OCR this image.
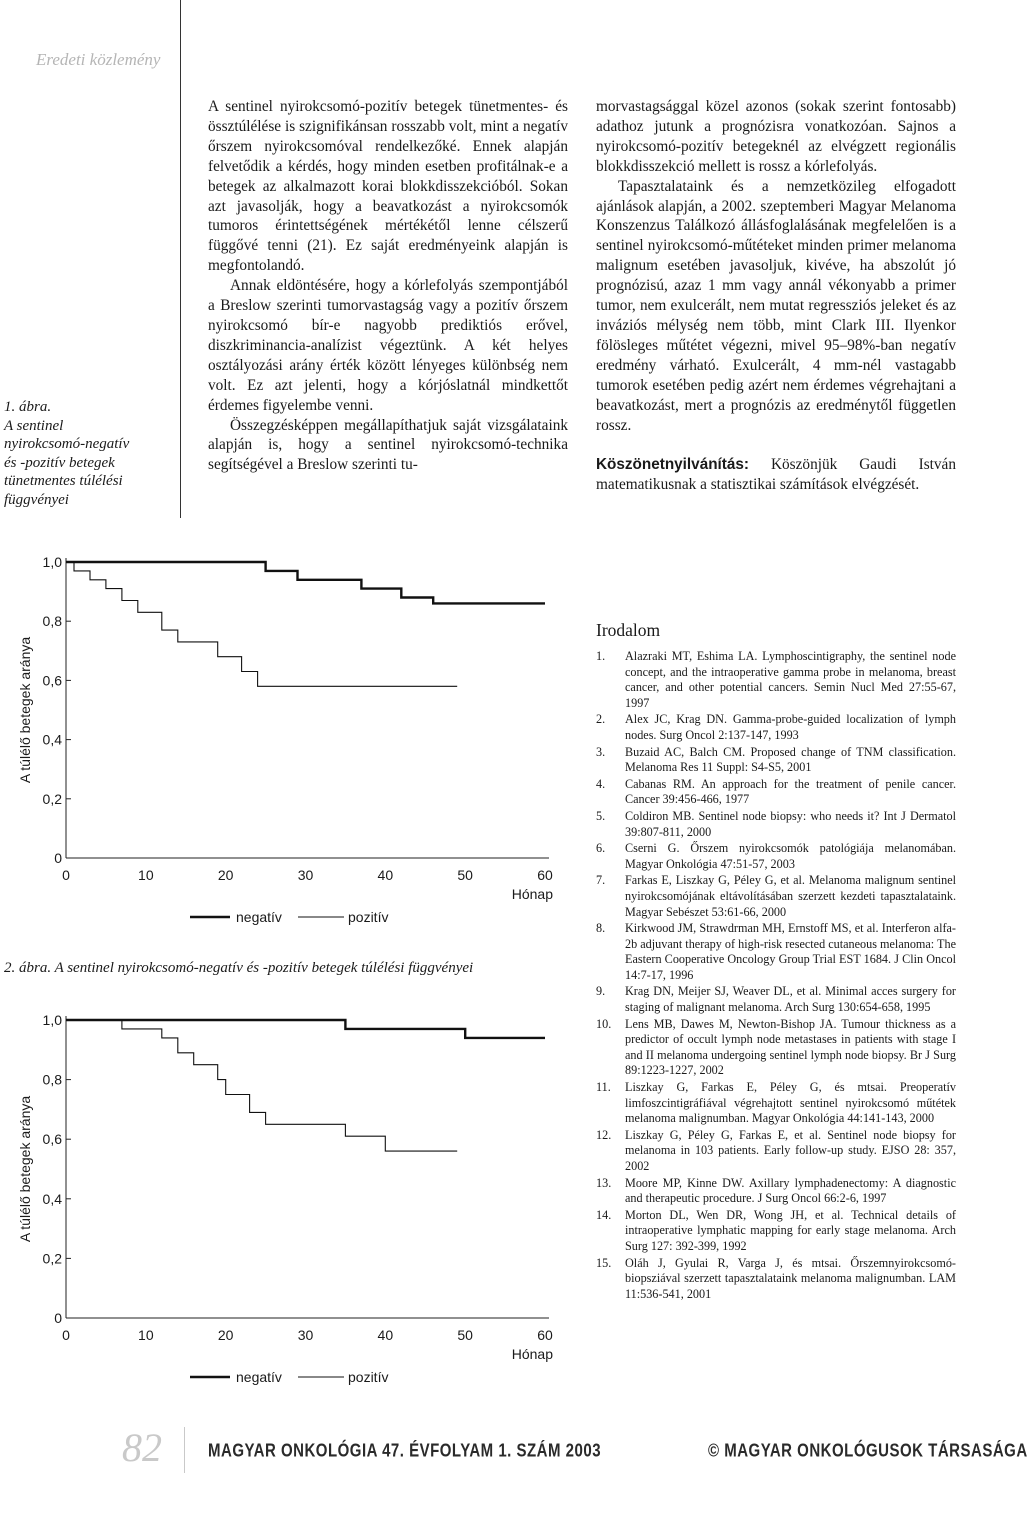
Eredeti közlemény
1. ábra.
A sentinel
nyirokcsomó-negatív
és -pozitív betegek
tünetmentes túlélési
függvényei

A sentinel nyirokcsomó-pozitív betegek tünetmentes- és össztúlélése is szignifikánsan rosszabb volt, mint a negatív őrszem nyirokcsomóval rendelkezőké. Ennek alapján felvetődik a kérdés, hogy minden esetben profitálnak-e a betegek az alkalmazott korai blokkdisszekcióból. Sokan azt javasolják, hogy a beavatkozást a nyirokcsomók tumoros érintettségének mértékétől lenne célszerű függővé tenni (21). Ez saját eredményeink alapján is megfontolandó.

Annak eldöntésére, hogy a kórlefolyás szempontjából a Breslow szerinti tumorvastagság vagy a pozitív őrszem nyirokcsomó bír-e nagyobb prediktiós erővel, diszkriminancia-analízist végeztünk. A két helyes osztályozási arány érték között lényeges különbség nem volt. Ez azt jelenti, hogy a kórjóslatnál mindkettőt érdemes figyelembe venni.

Összegzésképpen megállapíthatjuk saját vizsgálataink alapján is, hogy a sentinel nyirokcsomó-technika segítségével a Breslow szerinti tu-

morvastagsággal közel azonos (sokak szerint fontosabb) adathoz jutunk a prognózisra vonatkozóan. Sajnos a nyirokcsomó-pozitív betegeknél az elvégzett regionális blokkdisszekció mellett is rossz a kórlefolyás.

Tapasztalataink és a nemzetközileg elfogadott ajánlások alapján, a 2002. szeptemberi Magyar Melanoma Konszenzus Találkozó állásfoglalásának megfelelően is a sentinel nyirokcsomó-műtéteket minden primer melanoma malignum esetében javasoljuk, kivéve, ha abszolút jó prognózisú, azaz 1 mm vagy annál vékonyabb a primer tumor, nem exulcerált, nem mutat regressziós jeleket és az inváziós mélység nem több, mint Clark III. Ilyenkor fölösleges műtétet végezni, mivel 95–98%-ban negatív eredmény várható. Exulcerált, 4 mm-nél vastagabb tumorok esetében pedig azért nem érdemes végrehajtani a beavatkozást, mert a prognózis az eredménytől független rossz.

Köszönetnyilvánítás: Köszönjük Gaudi István matematikusnak a statisztikai számítások elvégzését.

Irodalom
1. Alazraki MT, Eshima LA. Lymphoscintigraphy, the sentinel node concept, and the intraoperative gamma probe in melanoma, breast cancer, and other potential cancers. Semin Nucl Med 27:55-67, 1997
2. Alex JC, Krag DN. Gamma-probe-guided localization of lymph nodes. Surg Oncol 2:137-147, 1993
3. Buzaid AC, Balch CM. Proposed change of TNM classification. Melanoma Res 11 Suppl: S4-S5, 2001
4. Cabanas RM. An approach for the treatment of penile cancer. Cancer 39:456-466, 1977
5. Coldiron MB. Sentinel node biopsy: who needs it? Int J Dermatol 39:807-811, 2000
6. Cserni G. Őrszem nyirokcsomók patológiája melanomában. Magyar Onkológia 47:51-57, 2003
7. Farkas E, Liszkay G, Péley G, et al. Melanoma malignum sentinel nyirokcsomójának eltávolításában szerzett kezdeti tapasztalataink. Magyar Sebészet 53:61-66, 2000
8. Kirkwood JM, Strawdrman MH, Ernstoff MS, et al. Interferon alfa-2b adjuvant therapy of high-risk resected cutaneous melanoma: The Eastern Cooperative Oncology Group Trial EST 1684. J Clin Oncol 14:7-17, 1996
9. Krag DN, Meijer SJ, Weaver DL, et al. Minimal acces surgery for staging of malignant melanoma. Arch Surg 130:654-658, 1995
10. Lens MB, Dawes M, Newton-Bishop JA. Tumour thickness as a predictor of occult lymph node metastases in patients with stage I and II melanoma undergoing sentinel lymph node biopsy. Br J Surg 89:1223-1227, 2002
11. Liszkay G, Farkas E, Péley G, és mtsai. Preoperatív limfoszcintigráfiával végrehajtott sentinel nyirokcsomó műtétek melanoma malignumban. Magyar Onkológia 44:141-143, 2000
12. Liszkay G, Péley G, Farkas E, et al. Sentinel node biopsy for melanoma in 103 patients. Early follow-up study. EJSO 28: 357, 2002
13. Moore MP, Kinne DW. Axillary lymphadenectomy: A diagnostic and therapeutic procedure. J Surg Oncol 66:2-6, 1997
14. Morton DL, Wen DR, Wong JH, et al. Technical details of intraoperative lymphatic mapping for early stage melanoma. Arch Surg 127: 392-399, 1992
15. Oláh J, Gyulai R, Varga J, és mtsai. Őrszemnyirokcsomó-biopsziával szerzett tapasztalataink melanoma malignumban. LAM 11:536-541, 2001
0
0,2
0,4
0,6
0,8
1,0
0	10	20	30	40	50	60
Hónap
A túlélő betegek aránya
negatív	pozitív
2. ábra. A sentinel nyirokcsomó-negatív és -pozitív betegek túlélési függvényei
0
0,2
0,4
0,6
0,8
1,0
0	10	20	30	40	50	60
Hónap
A túlélő betegek aránya
negatív	pozitív
82	MAGYAR ONKOLÓGIA 47. ÉVFOLYAM 1. SZÁM 2003	© MAGYAR ONKOLÓGUSOK TÁRSASÁGA
